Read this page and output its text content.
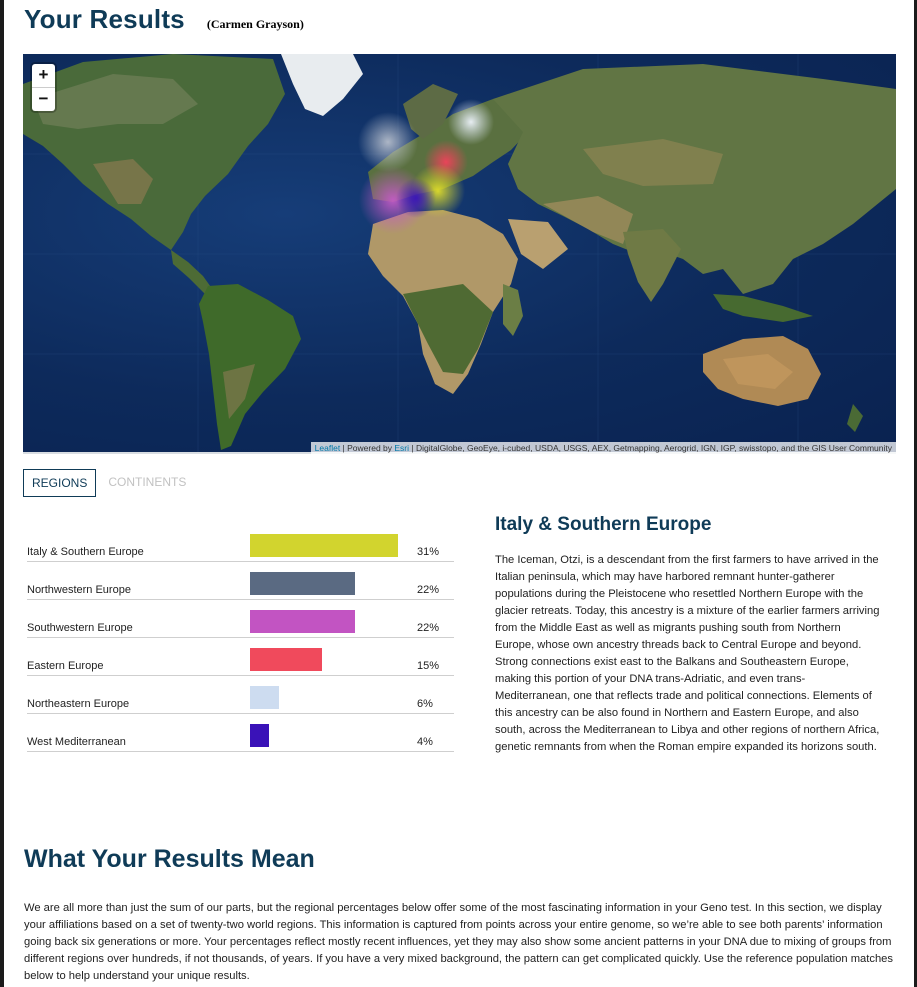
Your Results (Carmen Grayson)
+
−
Leaflet | Powered by Esri | DigitalGlobe, GeoEye, i-cubed, USDA, USGS, AEX, Getmapping, Aerogrid, IGN, IGP, swisstopo, and the GIS User Community
REGIONS	CONTINENTS
Italy & Southern Europe	31%
Northwestern Europe	22%
Southwestern Europe	22%
Eastern Europe	15%
Northeastern Europe	6%
West Mediterranean	4%
Italy & Southern Europe
The Iceman, Otzi, is a descendant from the first farmers to have arrived in the Italian peninsula, which may have harbored remnant hunter-gatherer populations during the Pleistocene who resettled Northern Europe with the glacier retreats. Today, this ancestry is a mixture of the earlier farmers arriving from the Middle East as well as migrants pushing south from Northern Europe, whose own ancestry threads back to Central Europe and beyond. Strong connections exist east to the Balkans and Southeastern Europe, making this portion of your DNA trans-Adriatic, and even trans-Mediterranean, one that reflects trade and political connections. Elements of this ancestry can be also found in Northern and Eastern Europe, and also south, across the Mediterranean to Libya and other regions of northern Africa, genetic remnants from when the Roman empire expanded its horizons south.
What Your Results Mean
We are all more than just the sum of our parts, but the regional percentages below offer some of the most fascinating information in your Geno test. In this section, we display your affiliations based on a set of twenty-two world regions. This information is captured from points across your entire genome, so we’re able to see both parents’ information going back six generations or more. Your percentages reflect mostly recent influences, yet they may also show some ancient patterns in your DNA due to mixing of groups from different regions over hundreds, if not thousands, of years. If you have a very mixed background, the pattern can get complicated quickly. Use the reference population matches below to help understand your unique results.
